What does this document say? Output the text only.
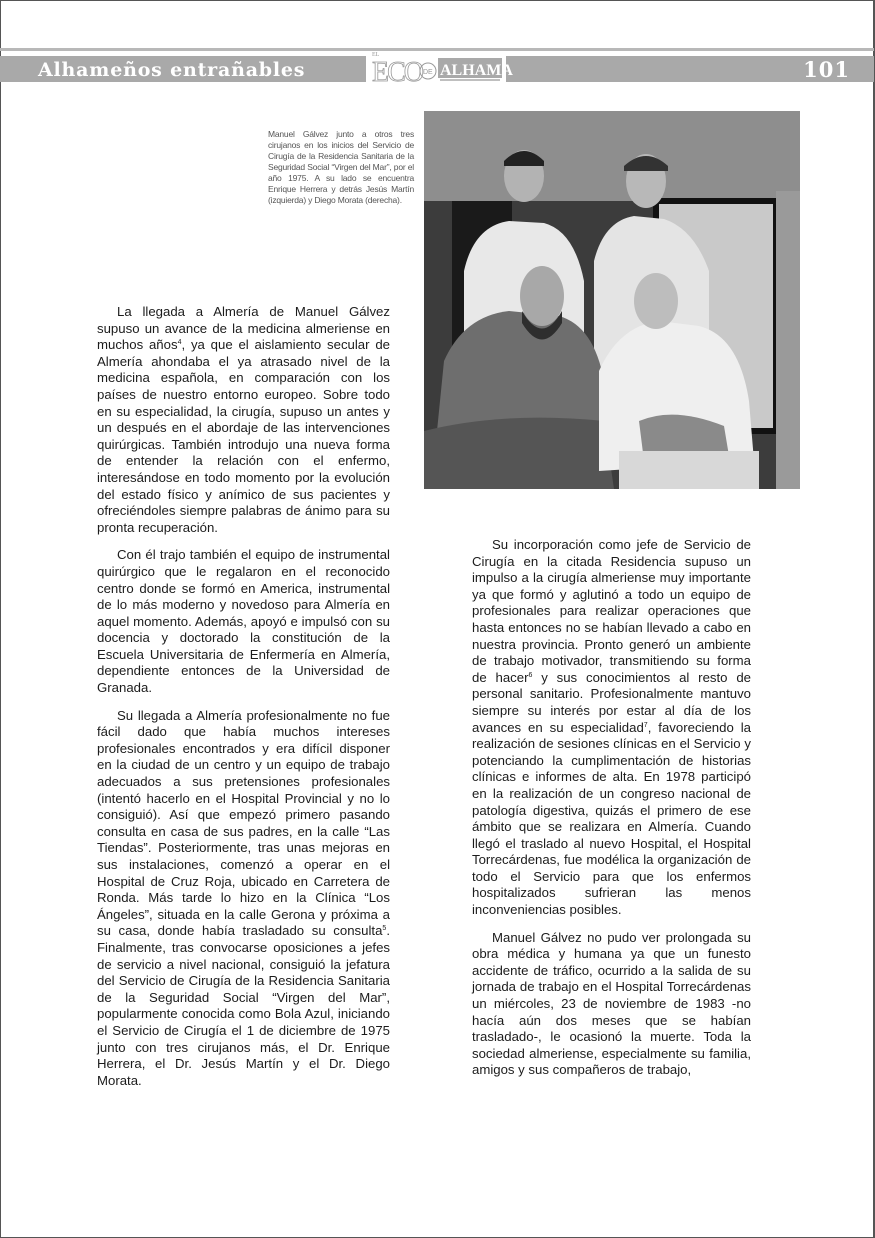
Alhameños entrañables	101
EL
ECO DE ALHAMA
Manuel Gálvez junto a otros tres cirujanos en los inicios del Servicio de Cirugía de la Residencia Sanitaria de la Seguridad Social “Virgen del Mar”, por el año 1975. A su lado se encuentra Enrique Herrera y detrás Jesús Martín (izquierda) y Diego Morata (derecha).

La llegada a Almería de Manuel Gálvez supuso un avance de la medicina almeriense en muchos años$^4$, ya que el aislamiento secular de Almería ahondaba el ya atrasado nivel de la medicina española, en comparación con los países de nuestro entorno europeo. Sobre todo en su especialidad, la cirugía, supuso un antes y un después en el abordaje de las intervenciones quirúrgicas. También introdujo una nueva forma de entender la relación con el enfermo, interesándose en todo momento por la evolución del estado físico y anímico de sus pacientes y ofreciéndoles siempre palabras de ánimo para su pronta recuperación.

Con él trajo también el equipo de instrumental quirúrgico que le regalaron en el reconocido centro donde se formó en America, instrumental de lo más moderno y novedoso para Almería en aquel momento. Además, apoyó e impulsó con su docencia y doctorado la constitución de la Escuela Universitaria de Enfermería en Almería, dependiente entonces de la Universidad de Granada.

Su llegada a Almería profesionalmente no fue fácil dado que había muchos intereses profesionales encontrados y era difícil disponer en la ciudad de un centro y un equipo de trabajo adecuados a sus pretensiones profesionales (intentó hacerlo en el Hospital Provincial y no lo consiguió). Así que empezó primero pasando consulta en casa de sus padres, en la calle “Las Tiendas”. Posteriormente, tras unas mejoras en sus instalaciones, comenzó a operar en el Hospital de Cruz Roja, ubicado en Carretera de Ronda. Más tarde lo hizo en la Clínica “Los Ángeles”, situada en la calle Gerona y próxima a su casa, donde había trasladado su consulta$^5$. Finalmente, tras convocarse oposiciones a jefes de servicio a nivel nacional, consiguió la jefatura del Servicio de Cirugía de la Residencia Sanitaria de la Seguridad Social “Virgen del Mar”, popularmente conocida como Bola Azul, iniciando el Servicio de Cirugía el 1 de diciembre de 1975 junto con tres cirujanos más, el Dr. Enrique Herrera, el Dr. Jesús Martín y el Dr. Diego Morata.

Su incorporación como jefe de Servicio de Cirugía en la citada Residencia supuso un impulso a la cirugía almeriense muy importante ya que formó y aglutinó a todo un equipo de profesionales para realizar operaciones que hasta entonces no se habían llevado a cabo en nuestra provincia. Pronto generó un ambiente de trabajo motivador, transmitiendo su forma de hacer$^6$ y sus conocimientos al resto de personal sanitario. Profesionalmente mantuvo siempre su interés por estar al día de los avances en su especialidad$^7$, favoreciendo la realización de sesiones clínicas en el Servicio y potenciando la cumplimentación de historias clínicas e informes de alta. En 1978 participó en la realización de un congreso nacional de patología digestiva, quizás el primero de ese ámbito que se realizara en Almería. Cuando llegó el traslado al nuevo Hospital, el Hospital Torrecárdenas, fue modélica la organización de todo el Servicio para que los enfermos hospitalizados sufrieran las menos inconveniencias posibles.

Manuel Gálvez no pudo ver prolongada su obra médica y humana ya que un funesto accidente de tráfico, ocurrido a la salida de su jornada de trabajo en el Hospital Torrecárdenas un miércoles, 23 de noviembre de 1983 -no hacía aún dos meses que se habían trasladado-, le ocasionó la muerte. Toda la sociedad almeriense, especialmente su familia, amigos y sus compañeros de trabajo,
